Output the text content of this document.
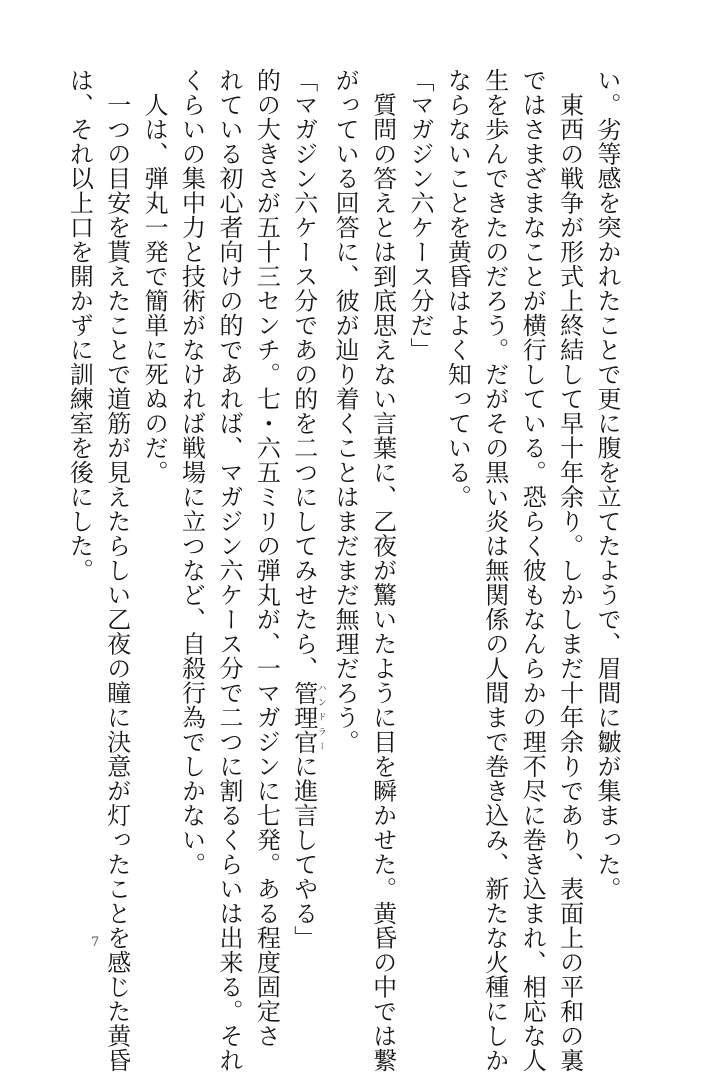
い。劣等感を突かれたことで更に腹を立てたようで、眉間に皺が集まった。
　東西の戦争が形式上終結して早十年余り。しかしまだ十年余りであり、表面上の平和の裏
ではさまざまなことが横行している。恐らく彼もなんらかの理不尽に巻き込まれ、相応な人
生を歩んできたのだろう。だがその黒い炎は無関係の人間まで巻き込み、新たな火種にしか
ならないことを黄昏はよく知っている。
「マガジン六ケース分だ」
　質問の答えとは到底思えない言葉に、乙夜が驚いたように目を瞬かせた。黄昏の中では繋
がっている回答に、彼が辿り着くことはまだまだ無理だろう。
「マガジン六ケース分であの的を二つにしてみせたら、管理官ハンドラーに進言してやる」
的の大きさが五十三センチ。七・六五ミリの弾丸が、一マガジンに七発。ある程度固定さ
れている初心者向けの的であれば、マガジン六ケース分で二つに割るくらいは出来る。それ
くらいの集中力と技術がなければ戦場に立つなど、自殺行為でしかない。
　人は、弾丸一発で簡単に死ぬのだ。
　一つの目安を貰えたことで道筋が見えたらしい乙夜の瞳に決意が灯ったことを感じた黄昏
は、それ以上口を開かずに訓練室を後にした。
7
